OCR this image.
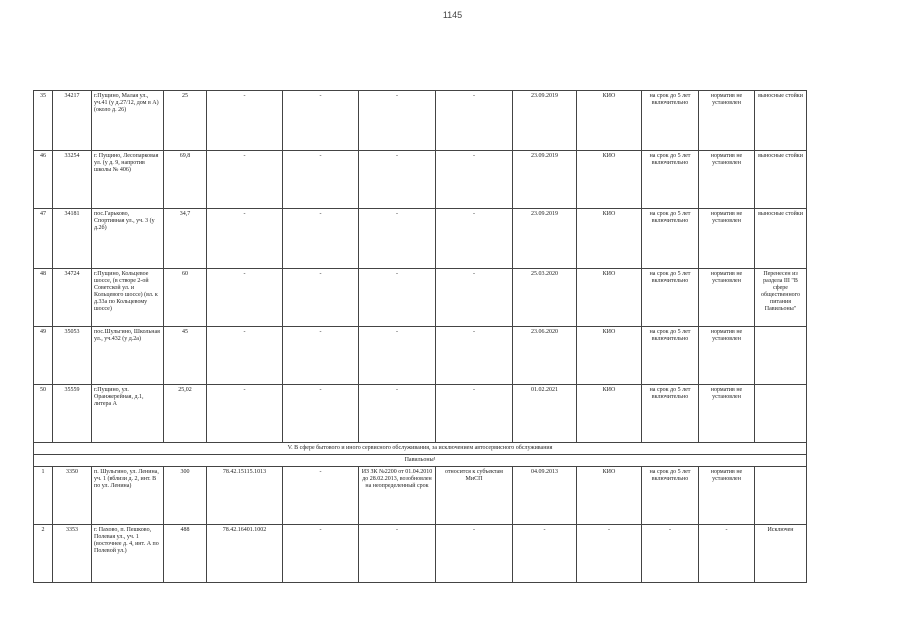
1145
35	34217	г.Пущино, Малая ул., уч.41 (у д.27/12, дом в А) (около д. 26)	25	-	-	-	-	23.09.2019	КИО	на срок до 5 лет включительно	норматив не установлен	выносные стойки
46	33254	г. Пущино, Лесопарковая ул. (у д. 9, напротив школы № 406)	69,8	-	-	-	-	23.09.2019	КИО	на срок до 5 лет включительно	норматив не установлен	выносные стойки
47	34181	пос.Гарьково, Спортивная ул., уч. 3 (у д.2б)	34,7	-	-	-	-	23.09.2019	КИО	на срок до 5 лет включительно	норматив не установлен	выносные стойки
48	34724	г.Пущино, Кольцевое шоссе, (в створе 2-ой Советской ул. и Кольцевого шоссе) (вл. к д.33а по Кольцевому шоссе)	60	-	-	-	-	25.03.2020	КИО	на срок до 5 лет включительно	норматив не установлен	Перенесен из раздела III "В сфере общественного питания Павильоны"
49	35053	пос.Шульгино, Школьная ул., уч.432 (у д.2а)	45	-	-	-	-	23.06.2020	КИО	на срок до 5 лет включительно	норматив не установлен	
50	35559	г.Пущино, ул. Оранжерейная, д.1, литера А	25,02	-	-	-	-	01.02.2021	КИО	на срок до 5 лет включительно	норматив не установлен	
V. В сфере бытового и иного сервисного обслуживания, за исключением автосервисного обслуживания												
Павильоны¹												
1	3350	п. Шульгино, ул. Ленина, уч. 1 (вблизи д. 2, инт. В по ул. Ленина)	300	78.42.15115.1013	-	ИЗ ЗК №2200 от 01.04.2010 до 28.02.2013, возобновлен на неопределенный срок	относится к субъектам МиСП	04.09.2013	КИО	на срок до 5 лет включительно	норматив не установлен	
2	3353	г. Пахово, п. Пешково, Полевая ул., уч. 1 (восточнее д. 4, инт. А по Полевой ул.)	488	78.42.16401.1002	-	-	-	-	-	-	-	Исключен
